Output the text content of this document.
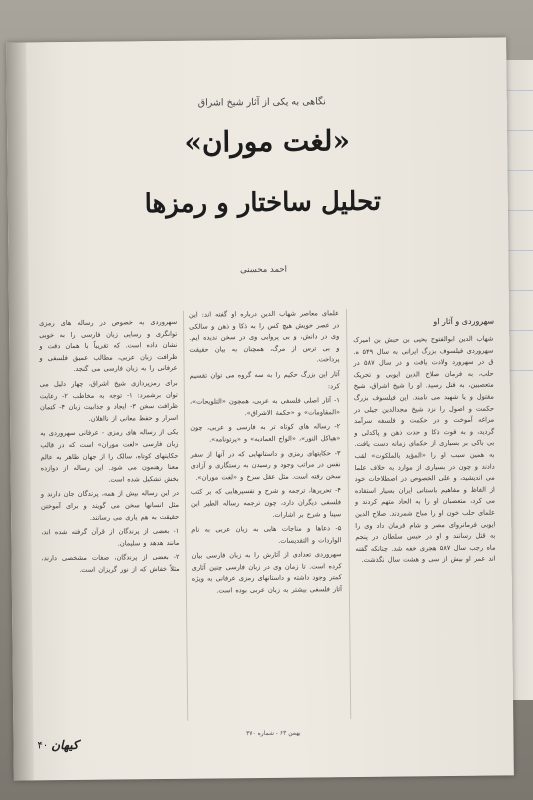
نگاهی به یکی از آثار شیخ اشراق
«لغت موران»
تحلیل ساختار و رمزها
احمد محسنی
سهروردی و آثار او

شهاب الدین ابوالفتوح یحیی بن حبش بن امیرک سهروردی فیلسوف بزرگ ایرانی به سال ۵۴۹ ه. ق در سهرورد ولادت یافت و در سال ۵۸۷ در حلب، به فرمان صلاح الدین ایوبی و تحریک متعصبین، به قتل رسید. او را شیخ اشراق، شیخ مقتول و یا شهید می نامند. این فیلسوف بزرگ حکمت و اصول را نزد شیخ مجدالدین جیلی در مراغه آموخت و در حکمت و فلسفه سرآمد گردید، و به قوت ذکا و حدت ذهن و پاکدلی و بی باکی بر بسیاری از حکمای زمانه دست یافت. به همین سبب او را «المؤید بالملکوت» لقب دادند و چون در بسیاری از موارد به خلاف علما می اندیشید، و علی الخصوص در اصطلاحات خود از الفاظ و مفاهیم باستانی ایران بسیار استفاده می کرد، متعصبان او را به الحاد متهم کردند و علمای حلب خون او را مباح شمردند. صلاح الدین ایوبی فرمانروای مصر و شام فرمان داد وی را به قتل رسانند و او در حبس سلطان در پنجم ماه رجب سال ۵۸۷ هجری خفه شد. چنانکه گفته اند عمر او بیش از سی و هشت سال نگذشت.

علمای معاصر شهاب الدین درباره او گفته اند: این در عصر خویش هیچ کس را به ذکا و ذهن و سالکی وی در دانش، و بی پروایی وی در سخن ندیده ایم. و بی ترس از مرگ، همچنان به بیان حقیقت پرداخت.

آثار این بزرگ حکیم را به سه گروه می توان تقسیم کرد:

۱- آثار اصلی فلسفی به عربی، همچون «التلویحات»، «المقاومات» و «حکمة الاشراق».

۲- رساله های کوتاه تر به فارسی و عربی، چون «هیاکل النور»، «الواح العمادیه» و «پرتونامه».

۳- حکایتهای رمزی و داستانهایی که در آنها از سفر نفس در مراتب وجود و رسیدن به رستگاری و آزادی سخن رفته است. مثل عقل سرخ و «لغت موران».

۴- تحریرها، ترجمه و شرح و تفسیرهایی که بر کتب فلسفی دیگران دارد، چون ترجمه رساله الطیر ابن سینا و شرح بر اشارات.

۵- دعاها و مناجات هایی به زبان عربی به نام الواردات و التقدیسات.

سهروردی تعدادی از آثارش را به زبان فارسی بیان کرده است. تا زمان وی در زبان فارسی چنین آثاری کمتر وجود داشته و داستانهای رمزی عرفانی به ویژه آثار فلسفی بیشتر به زبان عربی بوده است.

سهروردی به خصوص در رساله های رمزی توانگری و رسایی زبان فارسی را به خوبی نشان داده است. که تقریباً با همان دقت و ظرافت زبان عربی، مطالب عمیق فلسفی و عرفانی را به زبان فارسی می گنجد.

برای رمزپردازی شیخ اشراق، چهار دلیل می توان برشمرد: ۱- توجه به مخاطب ۲- رعایت ظرافت سخن ۳- ایجاد و جذابیت زبان ۴- کتمان اسرار و حفظ معانی از نااهلان.

یکی از رساله های رمزی - عرفانی سهروردی به زبان فارسی «لغت موران» است که در قالب حکایتهای کوتاه، سالک را از جهان ظاهر به عالم معنا رهنمون می شود. این رساله از دوازده بخش تشکیل شده است.

در این رساله بیش از همه، پرندگان جان دارند و مثل انسانها سخن می گویند و برای آموختن حقیقت به هم یاری می رسانند.

۱- بعضی از پرندگان از قرآن گرفته شده اند، مانند هدهد و سلیمان.

۲- بعضی از پرندگان، صفات مشخصی دارند، مثلاً خفاش که از نور گریزان است.

بهمن ۶۳ - شماره ۳۷۰
۴۰ کیهان
